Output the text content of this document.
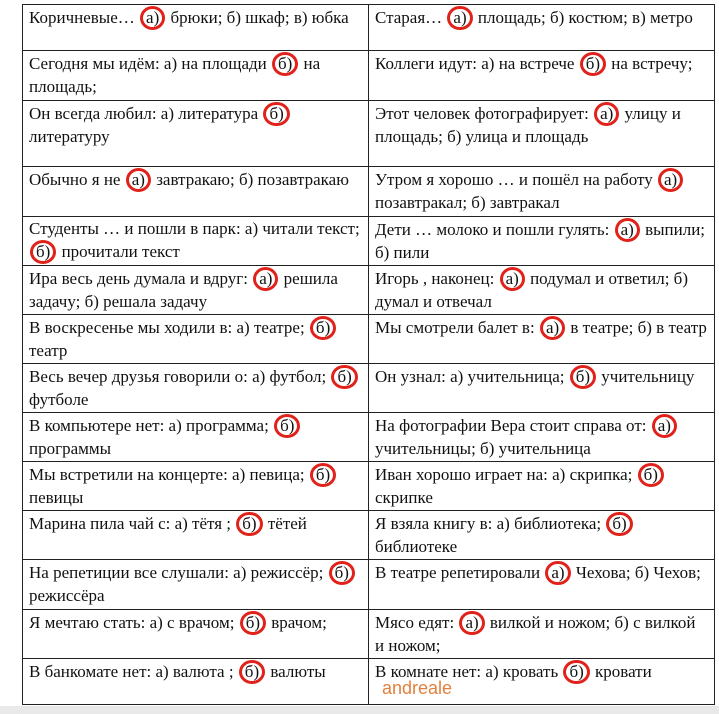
Коричневые… а) брюки; б) шкаф; в) юбка	Старая… а) площадь; б) костюм; в) метро
Сегодня мы идём: а) на площади б) на площадь;	Коллеги идут: а) на встрече б) на встречу;
Он всегда любил: а) литература б) литературу	Этот человек фотографирует: а) улицу и площадь; б) улица и площадь
Обычно я не а) завтракаю; б) позавтракаю	Утром я хорошо … и пошёл на работу а) позавтракал; б) завтракал
Студенты … и пошли в парк: а) читали текст; б) прочитали текст	Дети … молоко и пошли гулять: а) выпили; б) пили
Ира весь день думала и вдруг: а) решила задачу; б) решала задачу	Игорь , наконец: а) подумал и ответил; б) думал и отвечал
В воскресенье мы ходили в: а) театре; б) театр	Мы смотрели балет в: а) в театре; б) в театр
Весь вечер друзья говорили о: а) футбол; б) футболе	Он узнал: а) учительница; б) учительницу
В компьютере нет: а) программа; б) программы	На фотографии Вера стоит справа от: а) учительницы; б) учительница
Мы встретили на концерте: а) певица; б) певицы	Иван хорошо играет на: а) скрипка; б) скрипке
Марина пила чай с: а) тётя ; б) тётей	Я взяла книгу в: а) библиотека; б) библиотеке
На репетиции все слушали: а) режиссёр; б) режиссёра	В театре репетировали а) Чехова; б) Чехов;
Я мечтаю стать: а) с врачом; б) врачом;	Мясо едят: а) вилкой и ножом; б) с вилкой и ножом;
В банкомате нет: а) валюта ; б) валюты	В комнате нет: а) кровать б) кровати
andreale
